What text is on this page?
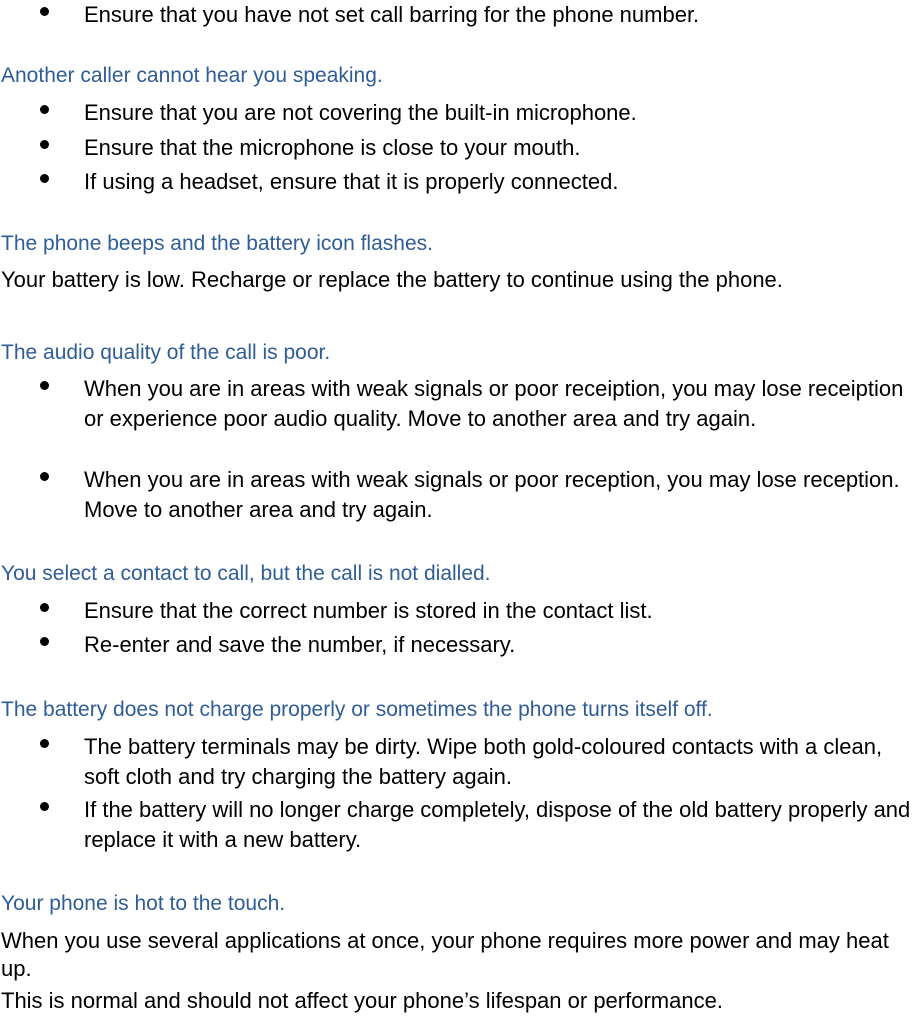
Ensure that you have not set call barring for the phone number.
Another caller cannot hear you speaking.
Ensure that you are not covering the built-in microphone.
Ensure that the microphone is close to your mouth.
If using a headset, ensure that it is properly connected.
The phone beeps and the battery icon flashes.
Your battery is low. Recharge or replace the battery to continue using the phone.
The audio quality of the call is poor.
When you are in areas with weak signals or poor receiption, you may lose receiption or experience poor audio quality. Move to another area and try again.
When you are in areas with weak signals or poor reception, you may lose reception. Move to another area and try again.
You select a contact to call, but the call is not dialled.
Ensure that the correct number is stored in the contact list.
Re-enter and save the number, if necessary.
The battery does not charge properly or sometimes the phone turns itself off.
The battery terminals may be dirty. Wipe both gold-coloured contacts with a clean, soft cloth and try charging the battery again.
If the battery will no longer charge completely, dispose of the old battery properly and replace it with a new battery.
Your phone is hot to the touch.
When you use several applications at once, your phone requires more power and may heat up.
This is normal and should not affect your phone’s lifespan or performance.
